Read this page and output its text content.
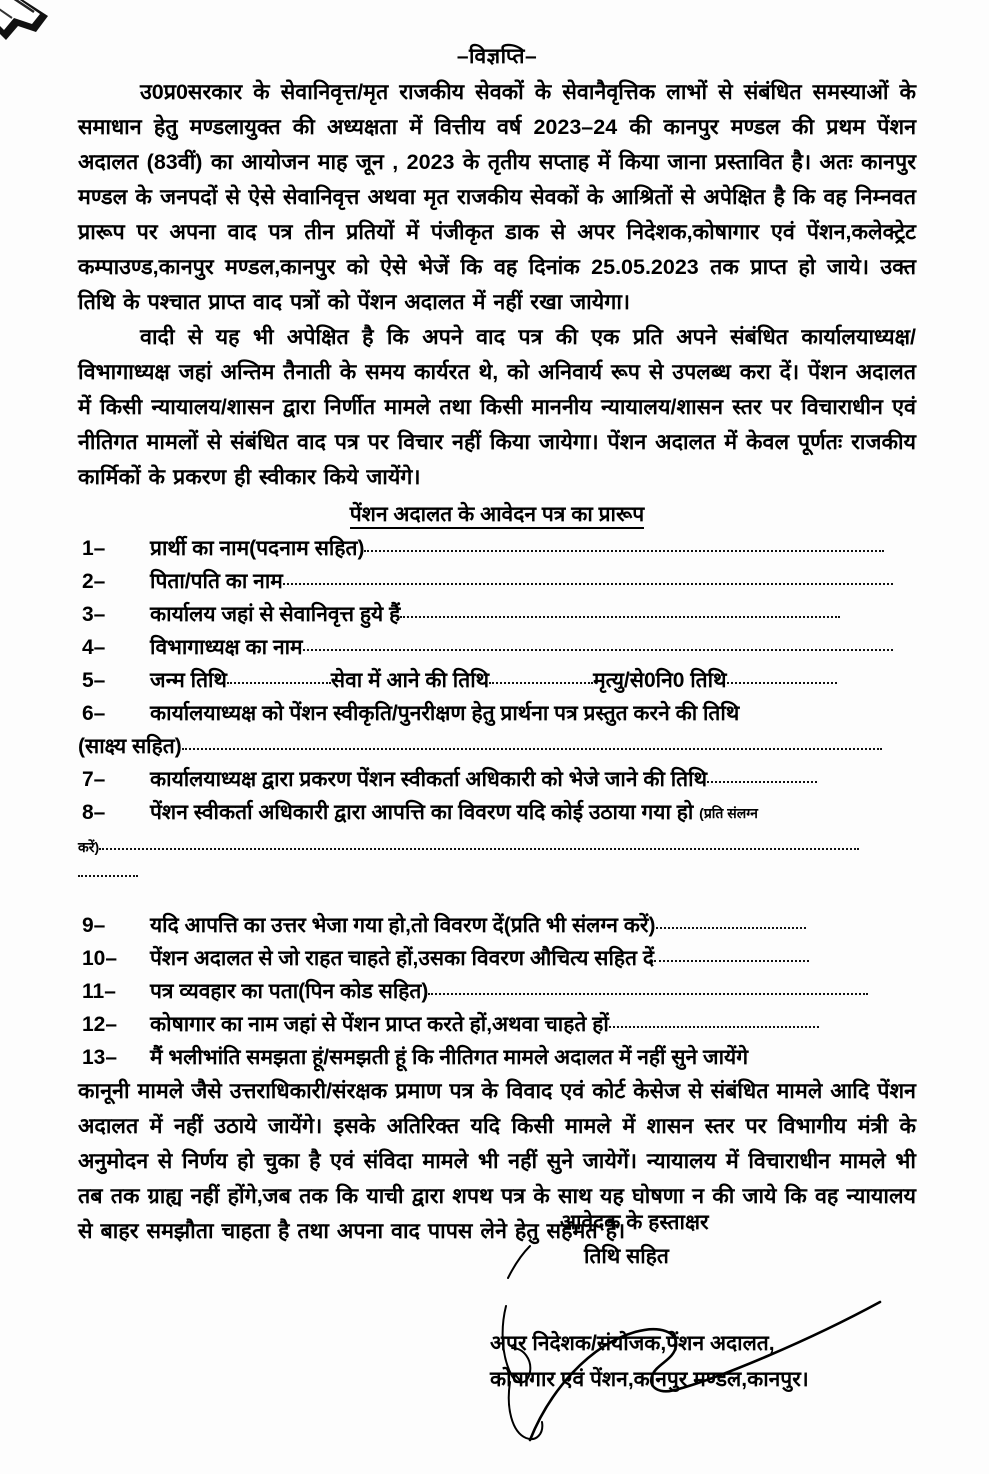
–विज्ञप्ति–

उ0प्र0सरकार के सेवानिवृत्त/मृत राजकीय सेवकों के सेवानैवृत्तिक लाभों से संबंधित समस्याओं के समाधान हेतु मण्डलायुक्त की अध्यक्षता में वित्तीय वर्ष 2023–24 की कानपुर मण्डल की प्रथम पेंशन अदालत (83वीं) का आयोजन माह जून , 2023 के तृतीय सप्ताह में किया जाना प्रस्तावित है। अतः कानपुर मण्डल के जनपदों से ऐसे सेवानिवृत्त अथवा मृत राजकीय सेवकों के आश्रितों से अपेक्षित है कि वह निम्नवत प्रारूप पर अपना वाद पत्र तीन प्रतियों में पंजीकृत डाक से अपर निदेशक,कोषागार एवं पेंशन,कलेक्ट्रेट कम्पाउण्ड,कानपुर मण्डल,कानपुर को ऐसे भेजें कि वह दिनांक 25.05.2023 तक प्राप्त हो जाये। उक्त तिथि के पश्चात प्राप्त वाद पत्रों को पेंशन अदालत में नहीं रखा जायेगा।

वादी से यह भी अपेक्षित है कि अपने वाद पत्र की एक प्रति अपने संबंधित कार्यालयाध्यक्ष/विभागाध्यक्ष जहां अन्तिम तैनाती के समय कार्यरत थे, को अनिवार्य रूप से उपलब्ध करा दें। पेंशन अदालत में किसी न्यायालय/शासन द्वारा निर्णीत मामले तथा किसी माननीय न्यायालय/शासन स्तर पर विचाराधीन एवं नीतिगत मामलों से संबंधित वाद पत्र पर विचार नहीं किया जायेगा। पेंशन अदालत में केवल पूर्णतः राजकीय कार्मिकों के प्रकरण ही स्वीकार किये जायेंगे।

पेंशन अदालत के आवेदन पत्र का प्रारूप
1–	प्रार्थी का नाम(पदनाम सहित)
2–	पिता/पति का नाम
3–	कार्यालय जहां से सेवानिवृत्त हुये हैं
4–	विभागाध्यक्ष का नाम
5–	जन्म तिथि	सेवा में आने की तिथि	मृत्यु/से0नि0 तिथि
6–	कार्यालयाध्यक्ष को पेंशन स्वीकृति/पुनरीक्षण हेतु प्रार्थना पत्र प्रस्तुत करने की तिथि
(साक्ष्य सहित)
7–	कार्यालयाध्यक्ष द्वारा प्रकरण पेंशन स्वीकर्ता अधिकारी को भेजे जाने की तिथि
8–	पेंशन स्वीकर्ता अधिकारी द्वारा आपत्ति का विवरण यदि कोई उठाया गया हो (प्रति संलग्न
करें)
9–	यदि आपत्ति का उत्तर भेजा गया हो,तो विवरण दें(प्रति भी संलग्न करें)
10–	पेंशन अदालत से जो राहत चाहते हों,उसका विवरण औचित्य सहित दें
11–	पत्र व्यवहार का पता(पिन कोड सहित)
12–	कोषागार का नाम जहां से पेंशन प्राप्त करते हों,अथवा चाहते हों
13–	मैं भलीभांति समझता हूं/समझती हूं कि नीतिगत मामले अदालत में नहीं सुने जायेंगे

कानूनी मामले जैसे उत्तराधिकारी/संरक्षक प्रमाण पत्र के विवाद एवं कोर्ट केसेज से संबंधित मामले आदि पेंशन अदालत में नहीं उठाये जायेंगे। इसके अतिरिक्त यदि किसी मामले में शासन स्तर पर विभागीय मंत्री के अनुमोदन से निर्णय हो चुका है एवं संविदा मामले भी नहीं सुने जायेगें। न्यायालय में विचाराधीन मामले भी तब तक ग्राह्य नहीं होंगे,जब तक कि याची द्वारा शपथ पत्र के साथ यह घोषणा न की जाये कि वह न्यायालय से बाहर समझौता चाहता है तथा अपना वाद पापस लेने हेतु सहमत है।

आवेदक के हस्ताक्षर
तिथि सहित
अपर निदेशक/संयोजक,पेंशन अदालत,
कोषागार एवं पेंशन,कानपुर मण्डल,कानपुर।
